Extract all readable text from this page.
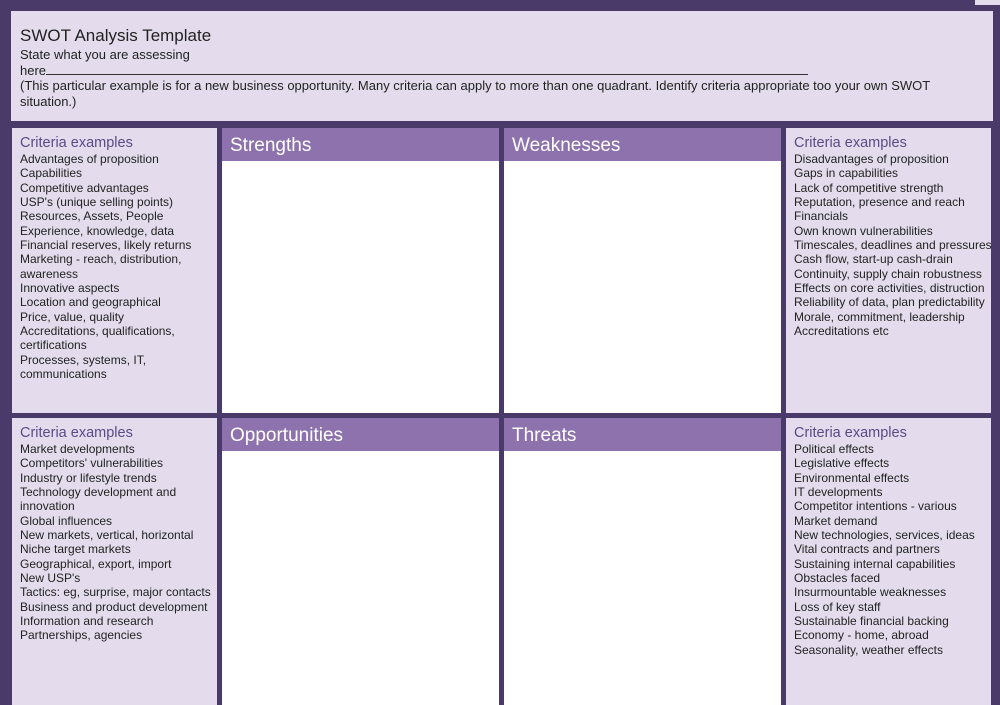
SWOT Analysis Template
State what you are assessing
here
(This particular example is for a new business opportunity. Many criteria can apply to more than one quadrant. Identify criteria appropriate too your own SWOT
situation.)
Criteria examples
Advantages of proposition
Capabilities
Competitive advantages
USP's (unique selling points)
Resources, Assets, People
Experience, knowledge, data
Financial reserves, likely returns
Marketing - reach, distribution,
awareness
Innovative aspects
Location and geographical
Price, value, quality
Accreditations, qualifications,
certifications
Processes, systems, IT,
communications
Strengths	Weaknesses	Criteria examples
Disadvantages of proposition
Gaps in capabilities
Lack of competitive strength
Reputation, presence and reach
Financials
Own known vulnerabilities
Timescales, deadlines and pressures
Cash flow, start-up cash-drain
Continuity, supply chain robustness
Effects on core activities, distruction
Reliability of data, plan predictability
Morale, commitment, leadership
Accreditations etc
Criteria examples
Market developments
Competitors' vulnerabilities
Industry or lifestyle trends
Technology development and
innovation
Global influences
New markets, vertical, horizontal
Niche target markets
Geographical, export, import
New USP's
Tactics: eg, surprise, major contacts
Business and product development
Information and research
Partnerships, agencies
Opportunities	Threats	Criteria examples
Political effects
Legislative effects
Environmental effects
IT developments
Competitor intentions - various
Market demand
New technologies, services, ideas
Vital contracts and partners
Sustaining internal capabilities
Obstacles faced
Insurmountable weaknesses
Loss of key staff
Sustainable financial backing
Economy - home, abroad
Seasonality, weather effects
